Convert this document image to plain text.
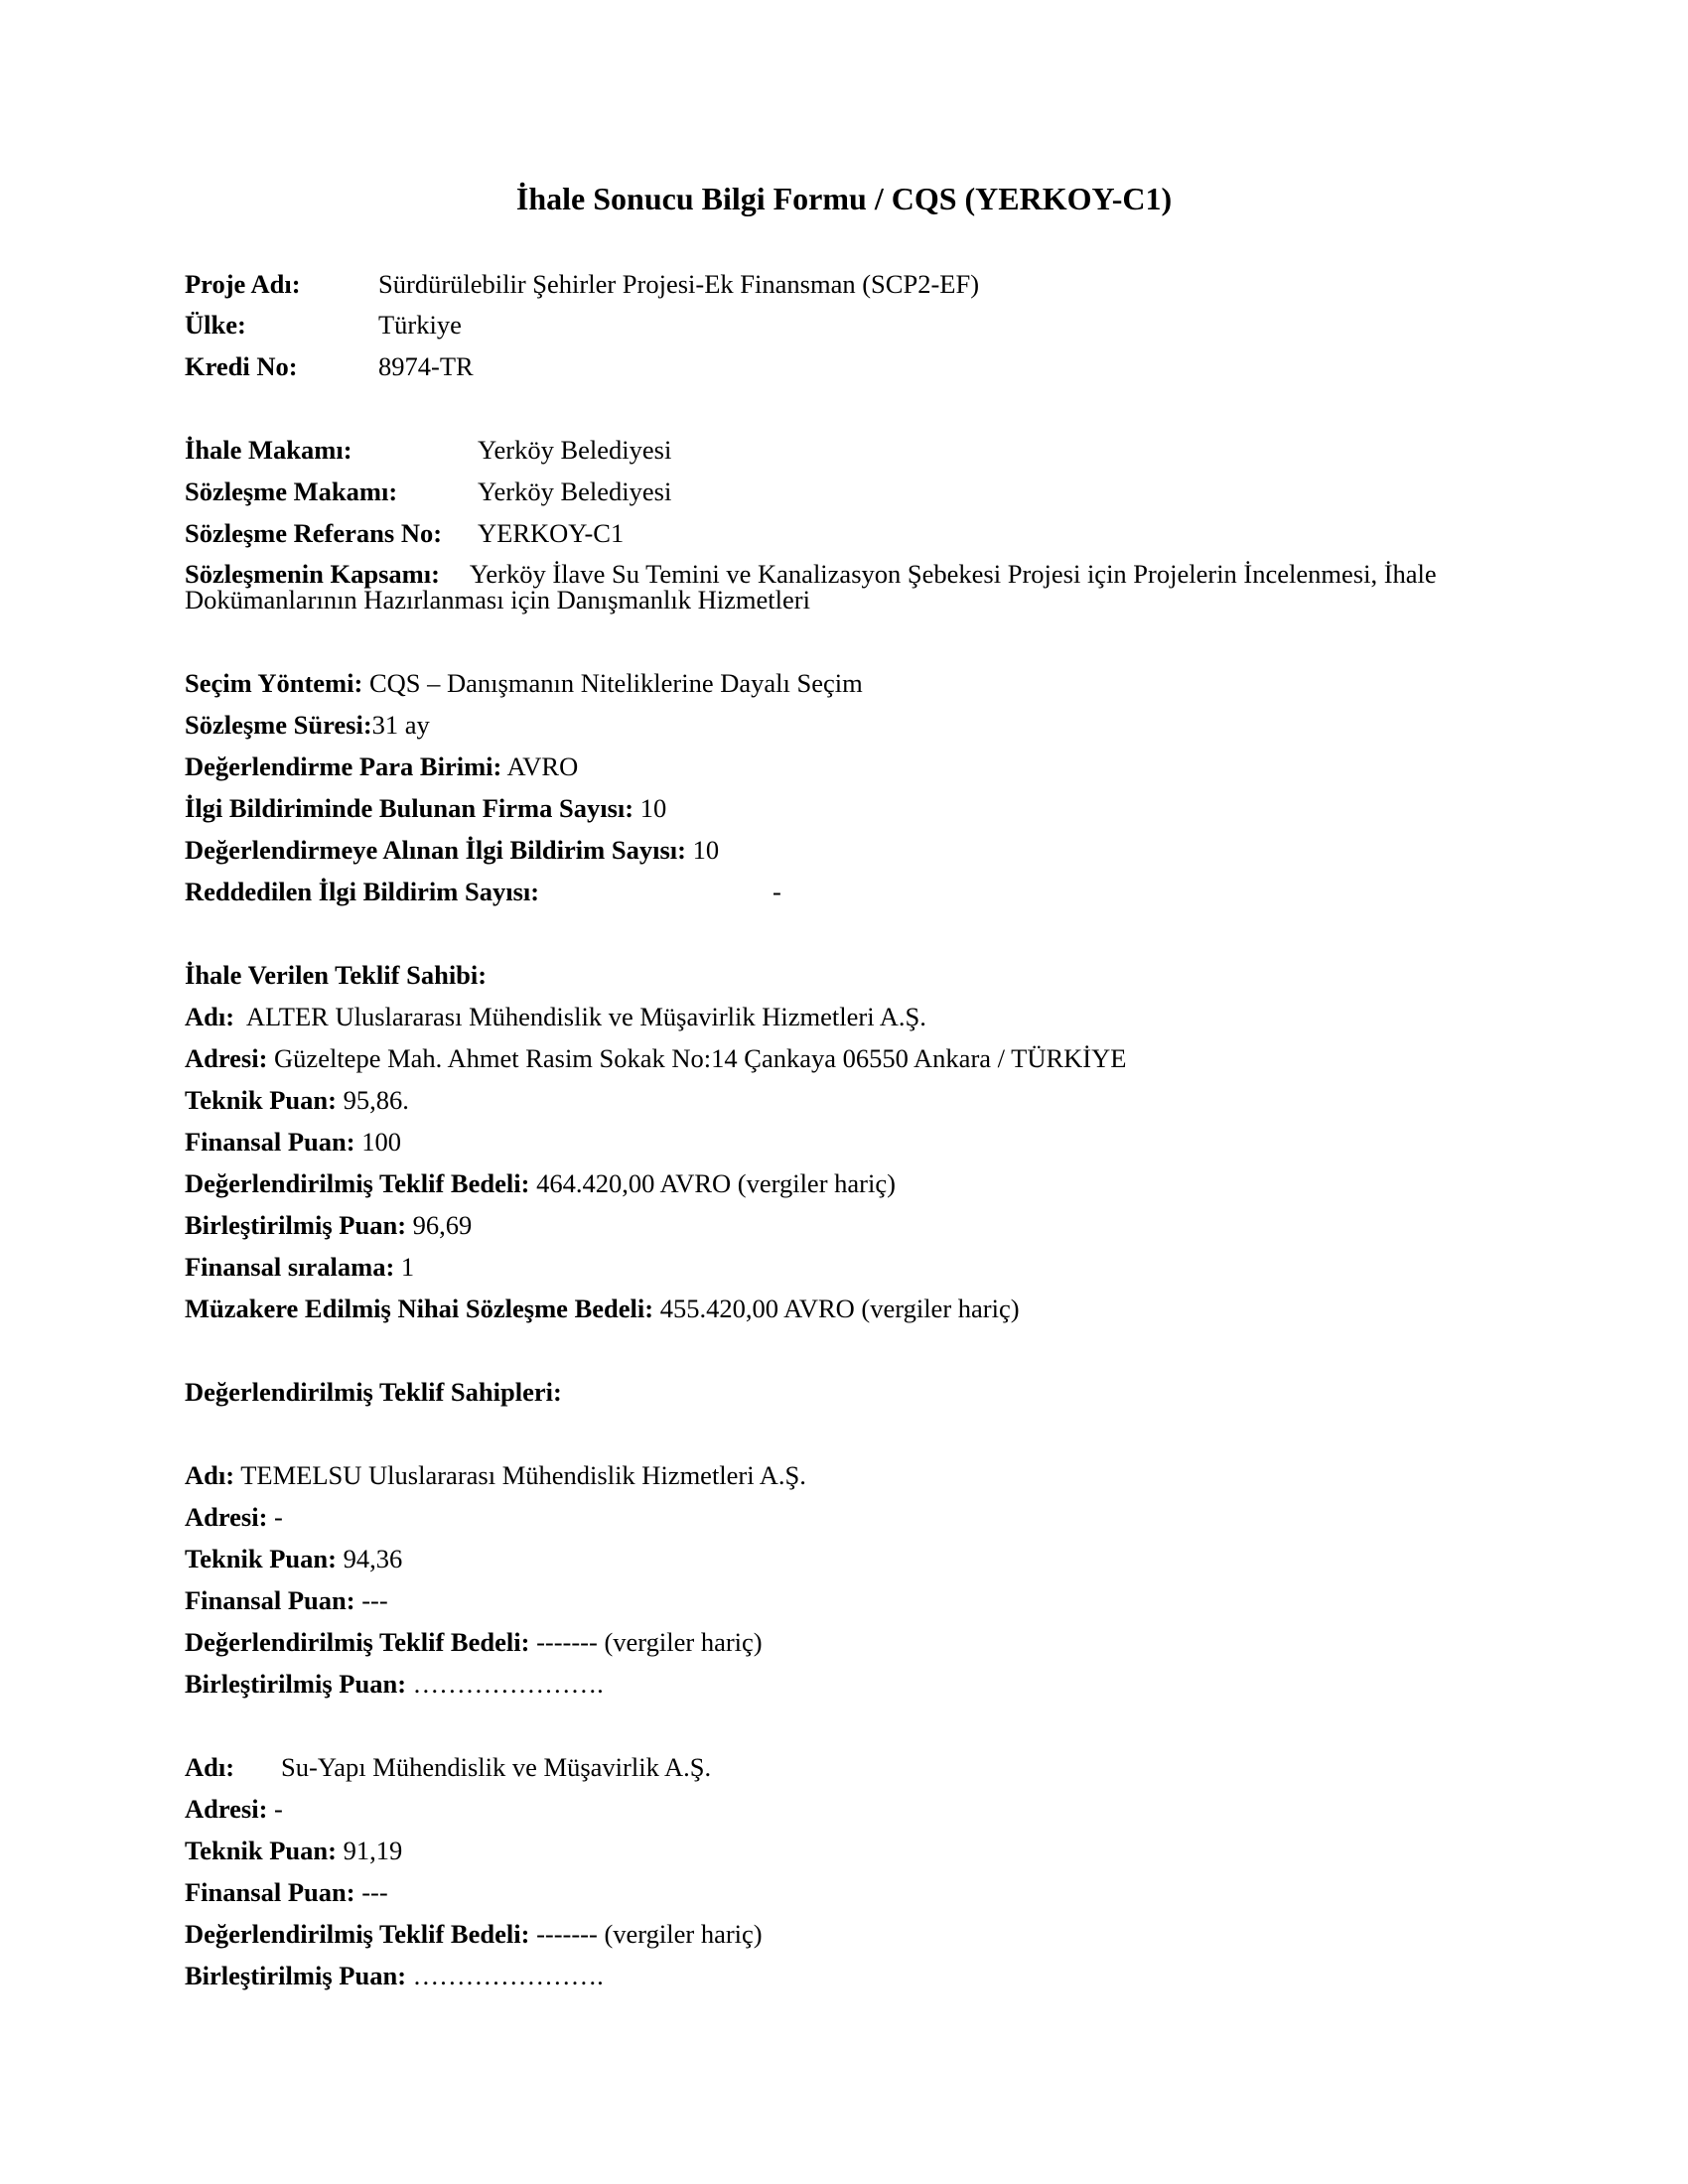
İhale Sonucu Bilgi Formu / CQS (YERKOY-C1)
Proje Adı:	Sürdürülebilir Şehirler Projesi-Ek Finansman (SCP2-EF)
Ülke:	Türkiye
Kredi No:	8974-TR
İhale Makamı:	Yerköy Belediyesi
Sözleşme Makamı:	Yerköy Belediyesi
Sözleşme Referans No: YERKOY-C1
Sözleşmenin Kapsamı: Yerköy İlave Su Temini ve Kanalizasyon Şebekesi Projesi için Projelerin İncelenmesi, İhale Dokümanlarının Hazırlanması için Danışmanlık Hizmetleri
Seçim Yöntemi: CQS – Danışmanın Niteliklerine Dayalı Seçim
Sözleşme Süresi:31 ay
Değerlendirme Para Birimi: AVRO
İlgi Bildiriminde Bulunan Firma Sayısı: 10
Değerlendirmeye Alınan İlgi Bildirim Sayısı: 10
Reddedilen İlgi Bildirim Sayısı:	-
İhale Verilen Teklif Sahibi:
Adı: ALTER Uluslararası Mühendislik ve Müşavirlik Hizmetleri A.Ş.
Adresi: Güzeltepe Mah. Ahmet Rasim Sokak No:14 Çankaya 06550 Ankara / TÜRKİYE
Teknik Puan: 95,86.
Finansal Puan: 100
Değerlendirilmiş Teklif Bedeli: 464.420,00 AVRO (vergiler hariç)
Birleştirilmiş Puan: 96,69
Finansal sıralama: 1
Müzakere Edilmiş Nihai Sözleşme Bedeli: 455.420,00 AVRO (vergiler hariç)
Değerlendirilmiş Teklif Sahipleri:
Adı: TEMELSU Uluslararası Mühendislik Hizmetleri A.Ş.
Adresi: -
Teknik Puan: 94,36
Finansal Puan: ---
Değerlendirilmiş Teklif Bedeli: ------- (vergiler hariç)
Birleştirilmiş Puan: ………………….
Adı: Su-Yapı Mühendislik ve Müşavirlik A.Ş.
Adresi: -
Teknik Puan: 91,19
Finansal Puan: ---
Değerlendirilmiş Teklif Bedeli: ------- (vergiler hariç)
Birleştirilmiş Puan: ………………….
